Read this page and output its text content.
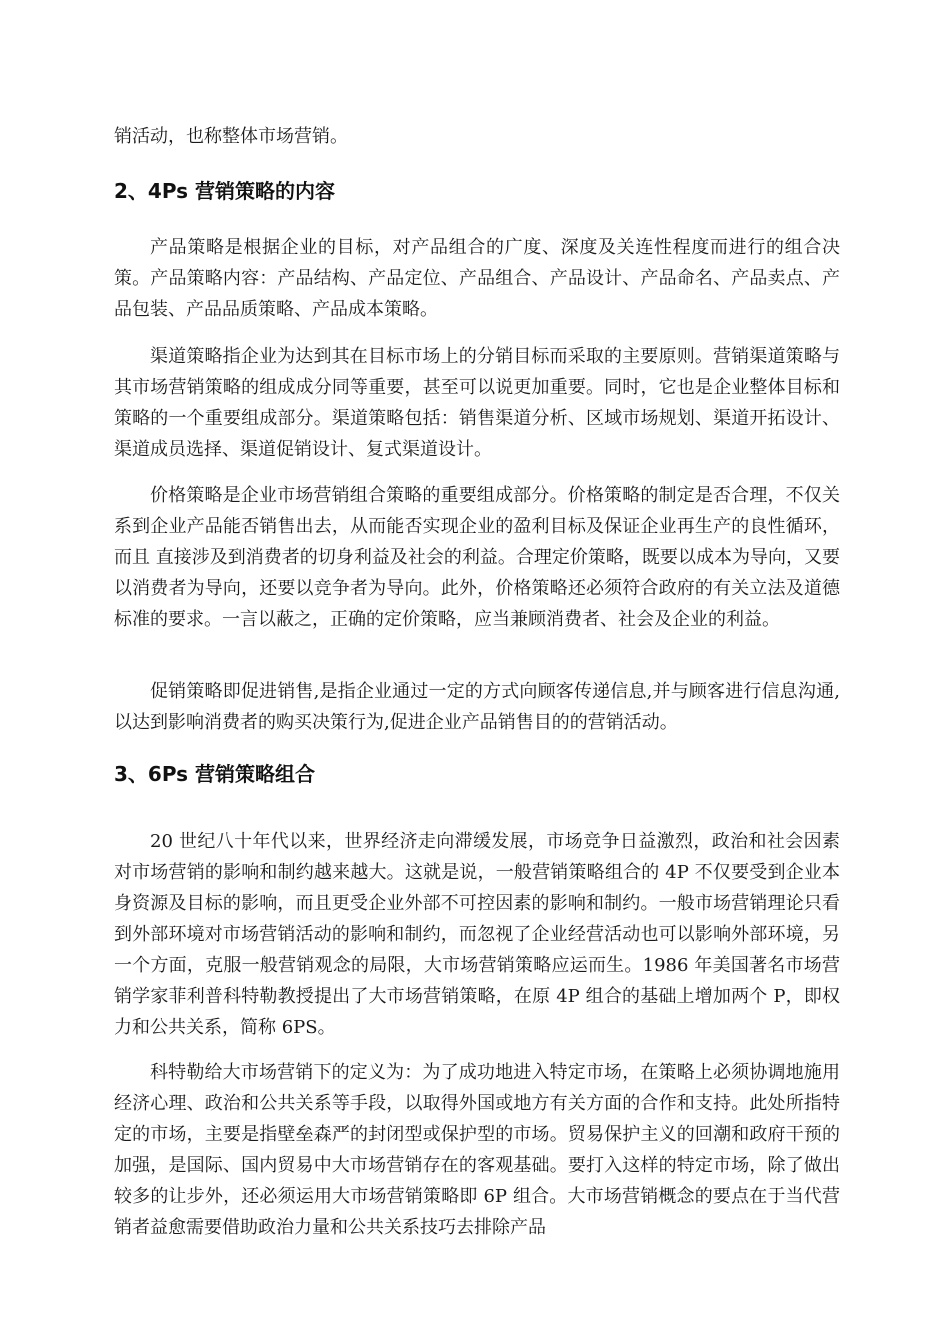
销活动，也称整体市场营销。

2、4Ps 营销策略的内容

产品策略是根据企业的目标，对产品组合的广度、深度及关连性程度而进行的组合决策。产品策略内容：产品结构、产品定位、产品组合、产品设计、产品命名、产品卖点、产品包装、产品品质策略、产品成本策略。

渠道策略指企业为达到其在目标市场上的分销目标而采取的主要原则。营销渠道策略与其市场营销策略的组成成分同等重要，甚至可以说更加重要。同时，它也是企业整体目标和策略的一个重要组成部分。渠道策略包括：销售渠道分析、区域市场规划、渠道开拓设计、渠道成员选择、渠道促销设计、复式渠道设计。

价格策略是企业市场营销组合策略的重要组成部分。价格策略的制定是否合理，不仅关系到企业产品能否销售出去，从而能否实现企业的盈利目标及保证企业再生产的良性循环，而且 直接涉及到消费者的切身利益及社会的利益。合理定价策略，既要以成本为导向，又要以消费者为导向，还要以竞争者为导向。此外，价格策略还必须符合政府的有关立法及道德标准的要求。一言以蔽之，正确的定价策略，应当兼顾消费者、社会及企业的利益。

促销策略即促进销售,是指企业通过一定的方式向顾客传递信息,并与顾客进行信息沟通,以达到影响消费者的购买决策行为,促进企业产品销售目的的营销活动。

3、6Ps 营销策略组合

20 世纪八十年代以来，世界经济走向滞缓发展，市场竞争日益激烈，政治和社会因素对市场营销的影响和制约越来越大。这就是说，一般营销策略组合的 4P 不仅要受到企业本身资源及目标的影响，而且更受企业外部不可控因素的影响和制约。一般市场营销理论只看到外部环境对市场营销活动的影响和制约，而忽视了企业经营活动也可以影响外部环境，另一个方面，克服一般营销观念的局限，大市场营销策略应运而生。1986 年美国著名市场营销学家菲利普科特勒教授提出了大市场营销策略，在原 4P 组合的基础上增加两个 P，即权力和公共关系，简称 6PS。

科特勒给大市场营销下的定义为：为了成功地进入特定市场，在策略上必须协调地施用经济心理、政治和公共关系等手段，以取得外国或地方有关方面的合作和支持。此处所指特定的市场，主要是指壁垒森严的封闭型或保护型的市场。贸易保护主义的回潮和政府干预的加强，是国际、国内贸易中大市场营销存在的客观基础。要打入这样的特定市场，除了做出较多的让步外，还必须运用大市场营销策略即 6P 组合。大市场营销概念的要点在于当代营销者益愈需要借助政治力量和公共关系技巧去排除产品
